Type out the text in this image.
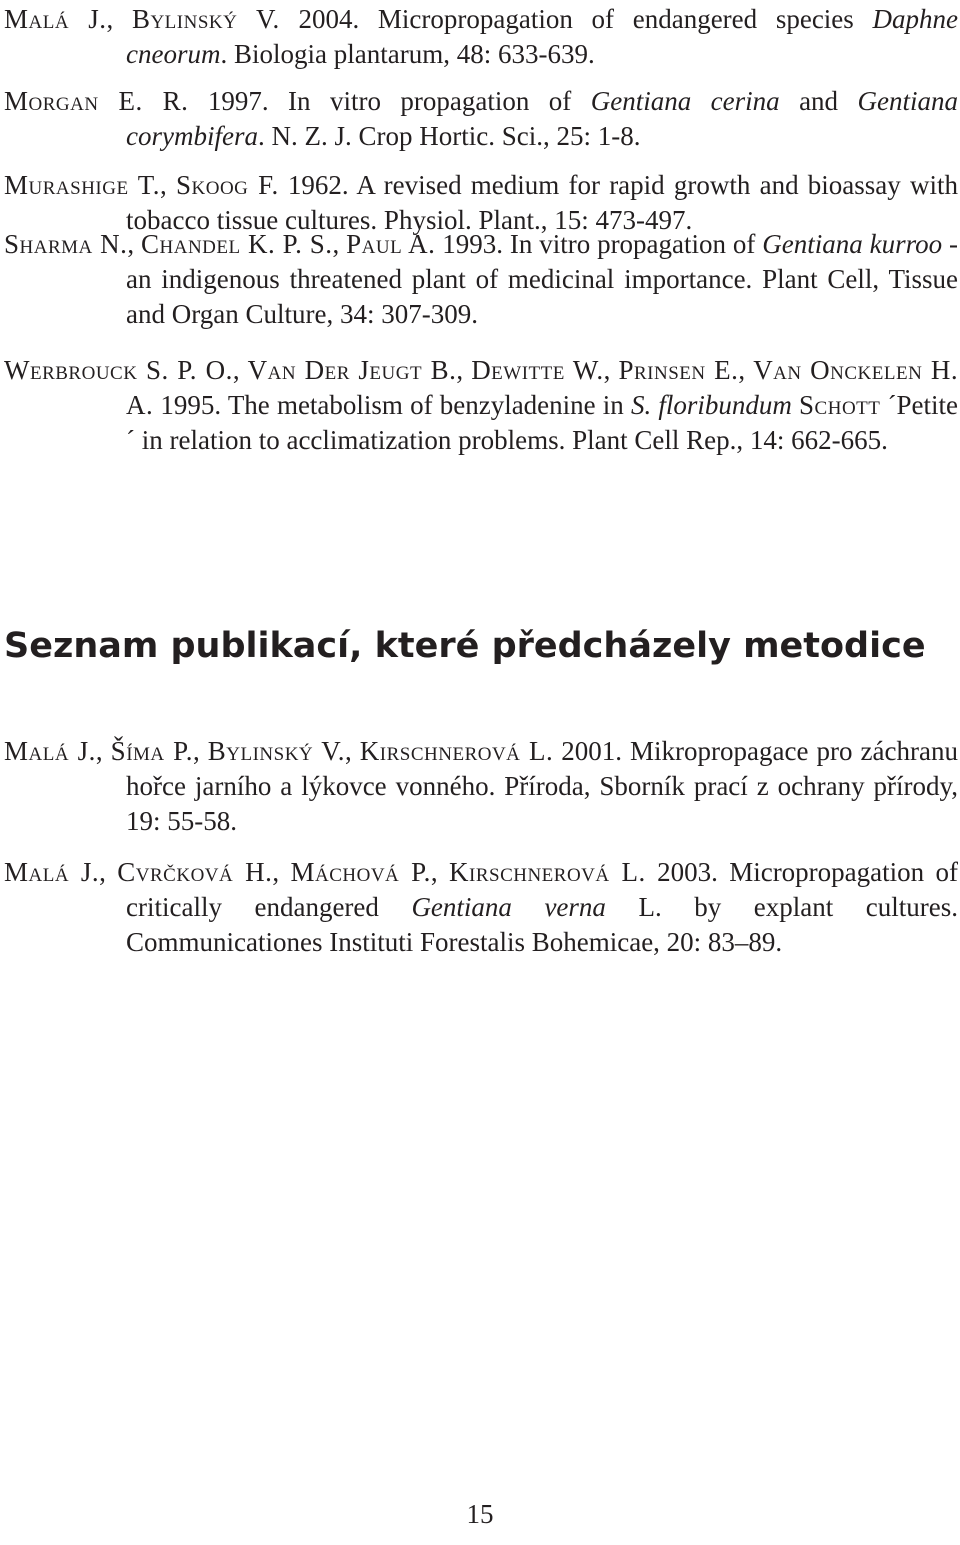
Malá J., Bylinský V. 2004. Micropropagation of endangered species Daphne cneorum. Biologia plantarum, 48: 633-639.

Morgan E. R. 1997. In vitro propagation of Gentiana cerina and Gentiana corymbifera. N. Z. J. Crop Hortic. Sci., 25: 1-8.

Murashige T., Skoog F. 1962. A revised medium for rapid growth and bioassay with tobacco tissue cultures. Physiol. Plant., 15: 473-497.

Sharma N., Chandel K. P. S., Paul A. 1993. In vitro propagation of Gentiana kurroo - an indigenous threatened plant of medicinal importance. Plant Cell, Tissue and Organ Culture, 34: 307-309.

Werbrouck S. P. O., Van Der Jeugt B., Dewitte W., Prinsen E., Van Onckelen H. A. 1995. The metabolism of benzyladenine in S. floribundum Schott ´Petite´ in relation to acclimatization problems. Plant Cell Rep., 14: 662-665.

Seznam publikací, které předcházely metodice

Malá J., Šíma P., Bylinský V., Kirschnerová L. 2001. Mikropropagace pro záchranu hořce jarního a lýkovce vonného. Příroda, Sborník prací z ochrany přírody, 19: 55-58.

Malá J., Cvrčková H., Máchová P., Kirschnerová L. 2003. Micropropagation of critically endangered Gentiana verna L. by explant cultures. Communicationes Instituti Forestalis Bohemicae, 20: 83–89.

15
